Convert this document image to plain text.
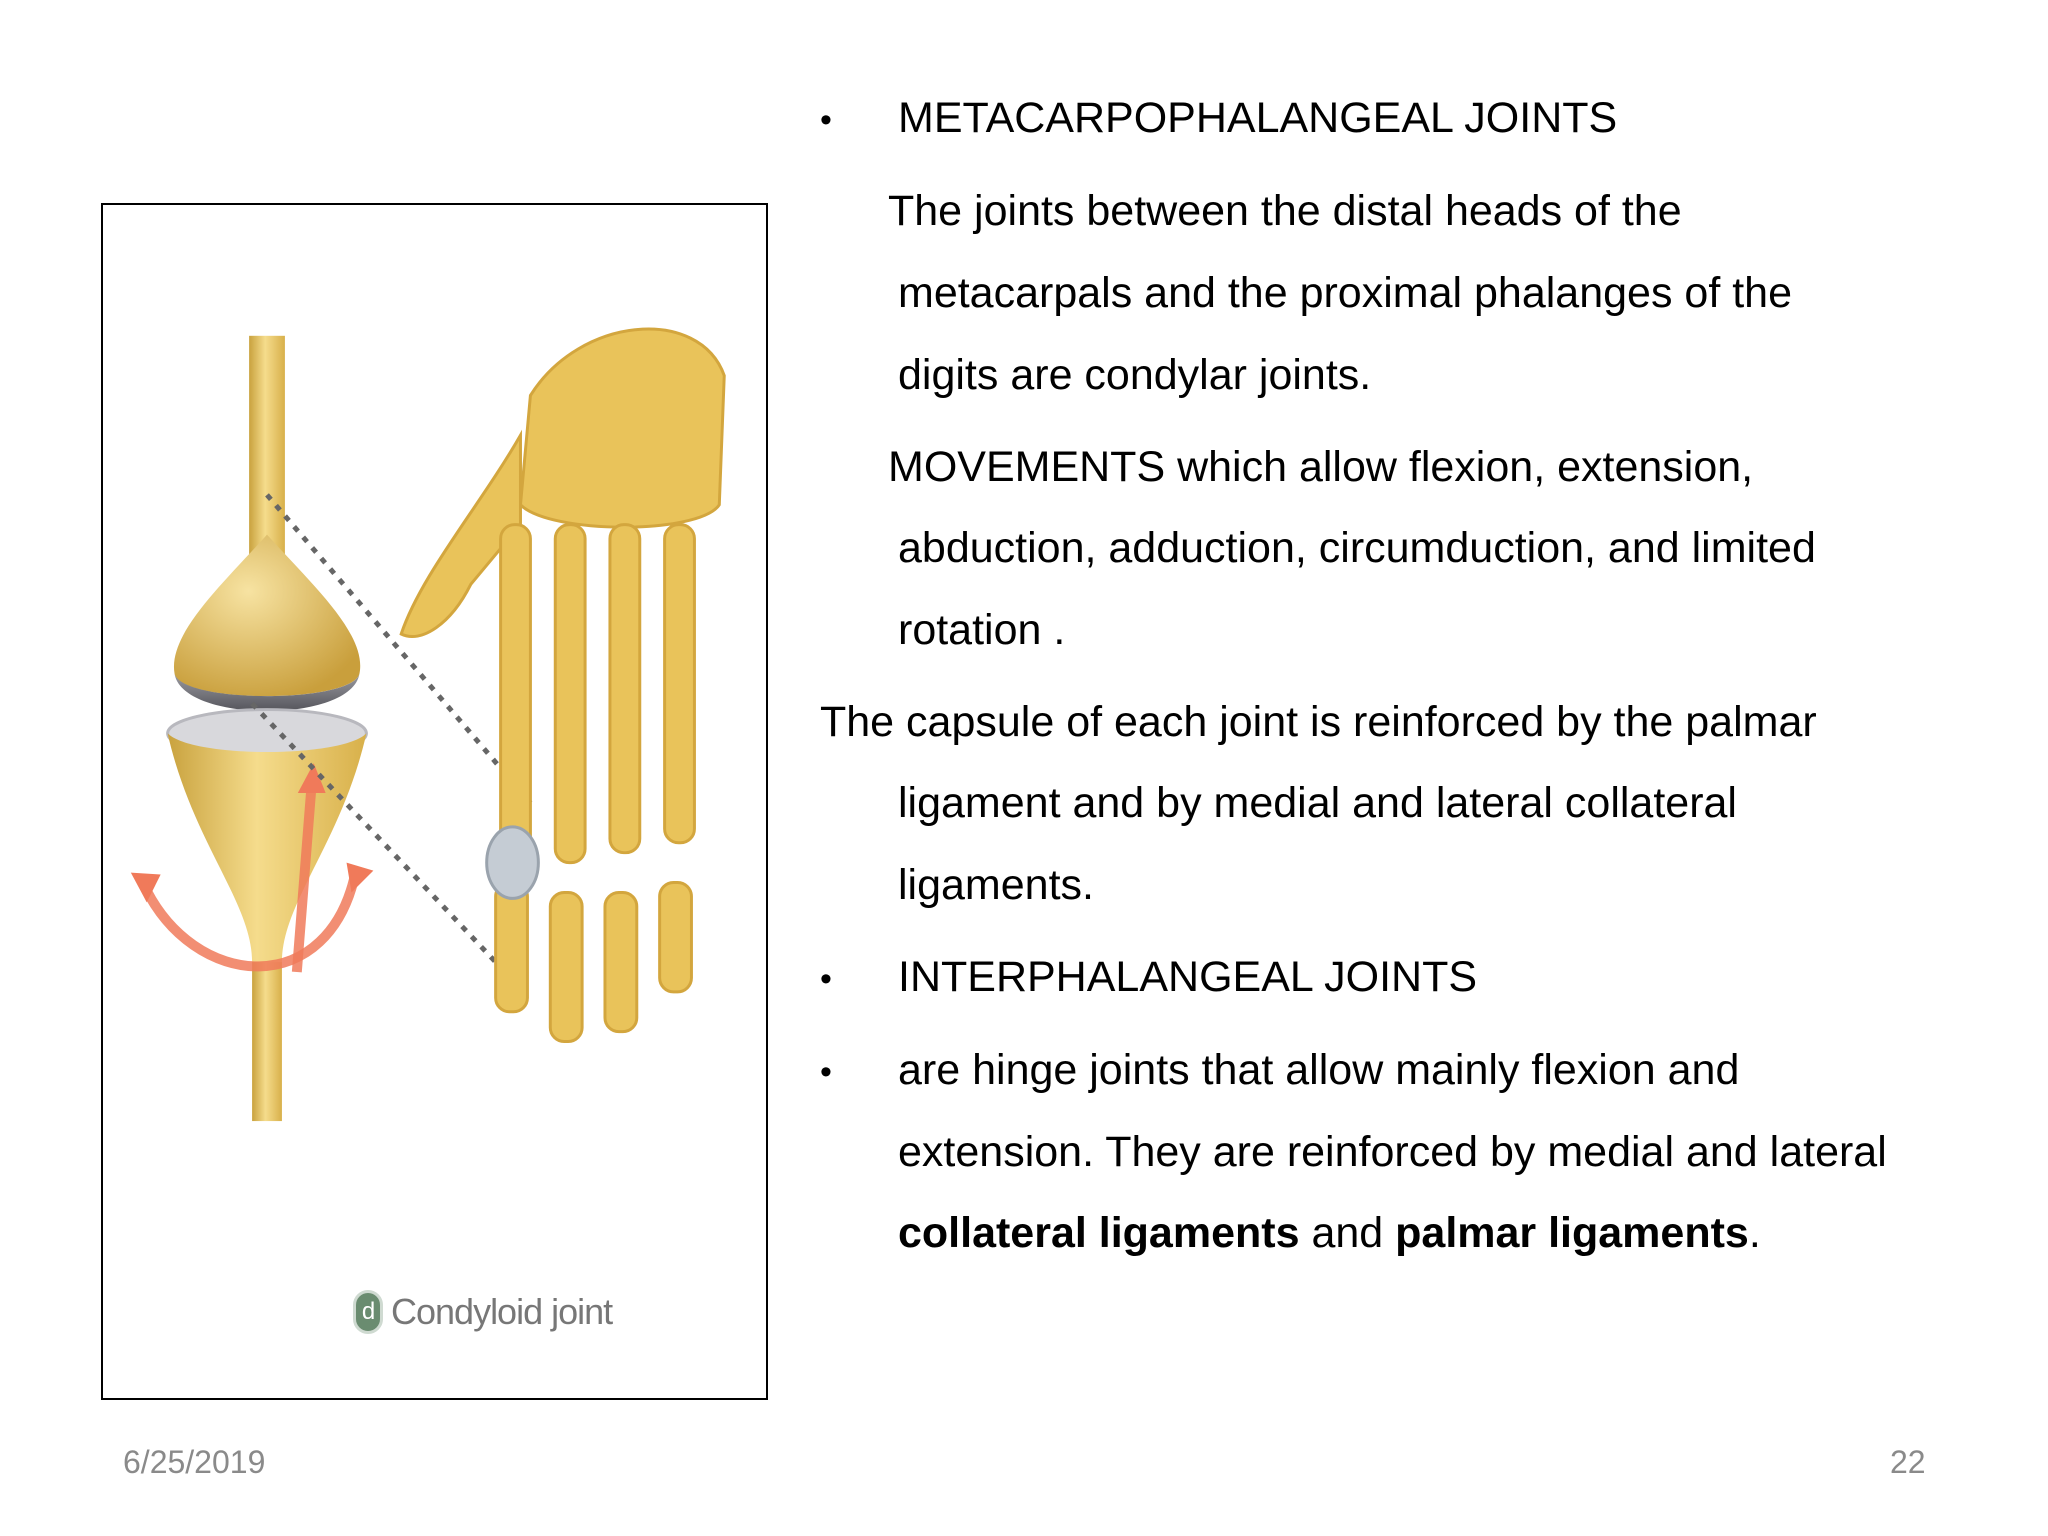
d Condyloid joint
• METACARPOPHALANGEAL JOINTS
The joints between the distal heads of the
metacarpals and the proximal phalanges of the
digits are condylar joints.
MOVEMENTS which allow flexion, extension,
abduction, adduction, circumduction, and limited
rotation .
The capsule of each joint is reinforced by the palmar
ligament and by medial and lateral collateral
ligaments.
• INTERPHALANGEAL JOINTS
• are hinge joints that allow mainly flexion and
extension. They are reinforced by medial and lateral
collateral ligaments and palmar ligaments.
6/25/2019	22
